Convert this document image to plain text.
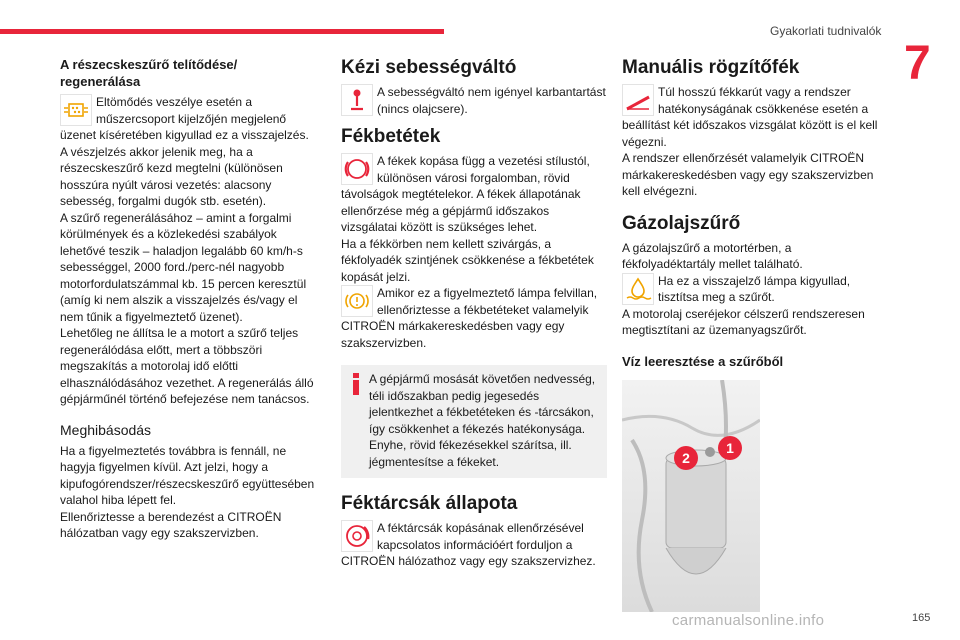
Gyakorlati tudnivalók
7
A részecskeszűrő telítődése/ regenerálása

Eltömődés veszélye esetén a műszercsoport kijelzőjén megjelenő üzenet kíséretében kigyullad ez a visszajelzés.

A vészjelzés akkor jelenik meg, ha a részecskeszűrő kezd megtelni (különösen hosszúra nyúlt városi vezetés: alacsony sebesség, forgalmi dugók stb. esetén).

A szűrő regenerálásához – amint a forgalmi körülmények és a közlekedési szabályok lehetővé teszik – haladjon legalább 60 km/h-s sebességgel, 2000 ford./perc-nél nagyobb motorfordulatszámmal kb. 15 percen keresztül (amíg ki nem alszik a visszajelzés és/vagy el nem tűnik a figyelmeztető üzenet).

Lehetőleg ne állítsa le a motort a szűrő teljes regenerálódása előtt, mert a többszöri megszakítás a motorolaj idő előtti elhasználódásához vezethet. A regenerálás álló gépjárműnél történő befejezése nem tanácsos.

Meghibásodás

Ha a figyelmeztetés továbbra is fennáll, ne hagyja figyelmen kívül. Azt jelzi, hogy a kipufogórendszer/részecskeszűrő együttesében valahol hiba lépett fel.

Ellenőriztesse a berendezést a CITROËN hálózatban vagy egy szakszervizben.

Kézi sebességváltó

A sebességváltó nem igényel karbantartást (nincs olajcsere).

Fékbetétek

A fékek kopása függ a vezetési stílustól, különösen városi forgalomban, rövid távolságok megtételekor. A fékek állapotának ellenőrzése még a gépjármű időszakos vizsgálatai között is szükséges lehet.

Ha a fékkörben nem kellett szivárgás, a fékfolyadék szintjének csökkenése a fékbetétek kopását jelzi.

Amikor ez a figyelmeztető lámpa felvillan, ellenőriztesse a fékbetéteket valamelyik CITROËN márkakereskedésben vagy egy szakszervizben.

A gépjármű mosását követően nedvesség, téli időszakban pedig jegesedés jelentkezhet a fékbetéteken és -tárcsákon, így csökkenhet a fékezés hatékonysága. Enyhe, rövid fékezésekkel szárítsa, ill. jégmentesítse a fékeket.

Féktárcsák állapota

A féktárcsák kopásának ellenőrzésével kapcsolatos információért forduljon a CITROËN hálózathoz vagy egy szakszervizhez.

Manuális rögzítőfék

Túl hosszú fékkarút vagy a rendszer hatékonyságának csökkenése esetén a beállítást két időszakos vizsgálat között is el kell végezni.

A rendszer ellenőrzését valamelyik CITROËN márkakereskedésben vagy egy szakszervizben kell elvégezni.

Gázolajszűrő

A gázolajszűrő a motortérben, a fékfolyadéktartály mellet található.

Ha ez a visszajelző lámpa kigyullad, tisztítsa meg a szűrőt.

A motorolaj cseréjekor célszerű rendszeresen megtisztítani az üzemanyagszűrőt.

Víz leeresztése a szűrőből
1
2
carmanualsonline.info	165
